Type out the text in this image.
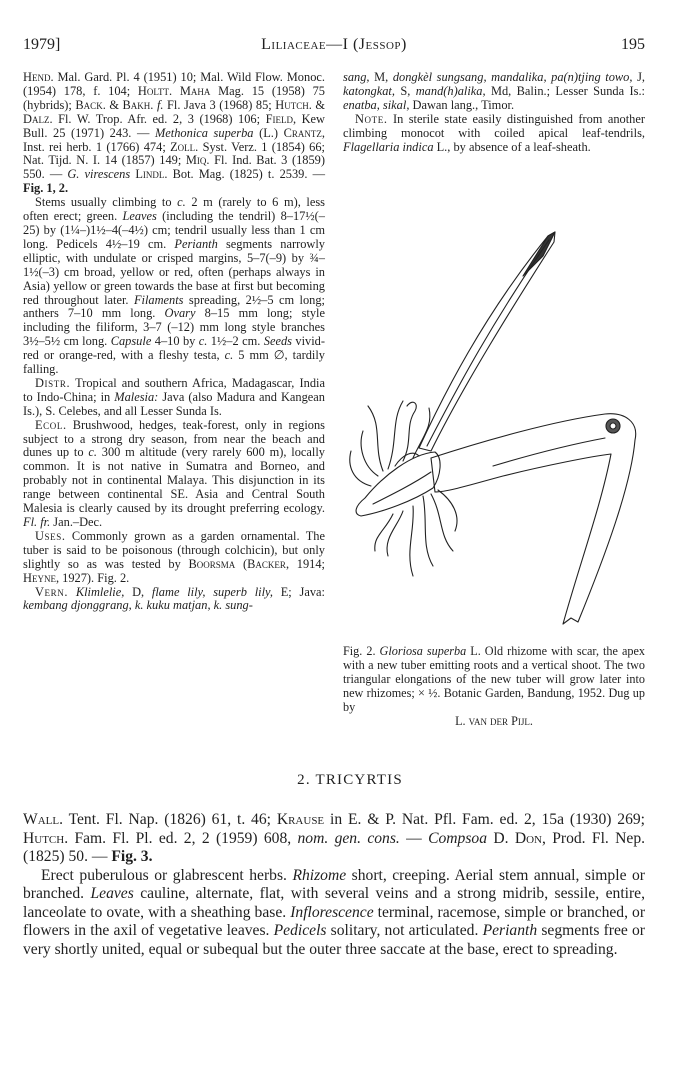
1979]	Liliaceae—I (Jessop)	195

Hend. Mal. Gard. Pl. 4 (1951) 10; Mal. Wild Flow. Monoc. (1954) 178, f. 104; Holtt. Maha Mag. 15 (1958) 75 (hybrids); Back. & Bakh. f. Fl. Java 3 (1968) 85; Hutch. & Dalz. Fl. W. Trop. Afr. ed. 2, 3 (1968) 106; Field, Kew Bull. 25 (1971) 243. — Methonica superba (L.) Crantz, Inst. rei herb. 1 (1766) 474; Zoll. Syst. Verz. 1 (1854) 66; Nat. Tijd. N. I. 14 (1857) 149; Miq. Fl. Ind. Bat. 3 (1859) 550. — G. virescens Lindl. Bot. Mag. (1825) t. 2539. — Fig. 1, 2.

Stems usually climbing to c. 2 m (rarely to 6 m), less often erect; green. Leaves (including the tendril) 8–17½(–25) by (1¼–)1½–4(–4½) cm; tendril usually less than 1 cm long. Pedicels 4½–19 cm. Perianth segments narrowly elliptic, with undulate or crisped margins, 5–7(–9) by ¾–1½(–3) cm broad, yellow or red, often (perhaps always in Asia) yellow or green towards the base at first but becoming red throughout later. Filaments spreading, 2½–5 cm long; anthers 7–10 mm long. Ovary 8–15 mm long; style including the filiform, 3–7 (–12) mm long style branches 3½–5½ cm long. Capsule 4–10 by c. 1½–2 cm. Seeds vivid-red or orange-red, with a fleshy testa, c. 5 mm ∅, tardily falling.

Distr. Tropical and southern Africa, Madagascar, India to Indo-China; in Malesia: Java (also Madura and Kangean Is.), S. Celebes, and all Lesser Sunda Is.

Ecol. Brushwood, hedges, teak-forest, only in regions subject to a strong dry season, from near the beach and dunes up to c. 300 m altitude (very rarely 600 m), locally common. It is not native in Sumatra and Borneo, and probably not in continental Malaya. This disjunction in its range between continental SE. Asia and Central South Malesia is clearly caused by its drought preferring ecology. Fl. fr. Jan.–Dec.

Uses. Commonly grown as a garden ornamental. The tuber is said to be poisonous (through colchicin), but only slightly so as was tested by Boorsma (Backer, 1914; Heyne, 1927). Fig. 2.

Vern. Klimlelie, D, flame lily, superb lily, E; Java: kembang djonggrang, k. kuku matjan, k. sung-

sang, M, dongkèl sungsang, mandalika, pa(n)tjing towo, J, katongkat, S, mand(h)alika, Md, Balin.; Lesser Sunda Is.: enatba, sikal, Dawan lang., Timor.

Note. In sterile state easily distinguished from another climbing monocot with coiled apical leaf-tendrils, Flagellaria indica L., by absence of a leaf-sheath.

Fig. 2. Gloriosa superba L. Old rhizome with scar, the apex with a new tuber emitting roots and a vertical shoot. The two triangular elongations of the new tuber will grow later into new rhizomes; × ½. Botanic Garden, Bandung, 1952. Dug up by

L. van der Pijl.

2. TRICYRTIS

Wall. Tent. Fl. Nap. (1826) 61, t. 46; Krause in E. & P. Nat. Pfl. Fam. ed. 2, 15a (1930) 269; Hutch. Fam. Fl. Pl. ed. 2, 2 (1959) 608, nom. gen. cons. — Compsoa D. Don, Prod. Fl. Nep. (1825) 50. — Fig. 3.

Erect puberulous or glabrescent herbs. Rhizome short, creeping. Aerial stem annual, simple or branched. Leaves cauline, alternate, flat, with several veins and a strong midrib, sessile, entire, lanceolate to ovate, with a sheathing base. Inflorescence terminal, racemose, simple or branched, or flowers in the axil of vegetative leaves. Pedicels solitary, not articulated. Perianth segments free or very shortly united, equal or subequal but the outer three saccate at the base, erect to spreading.
